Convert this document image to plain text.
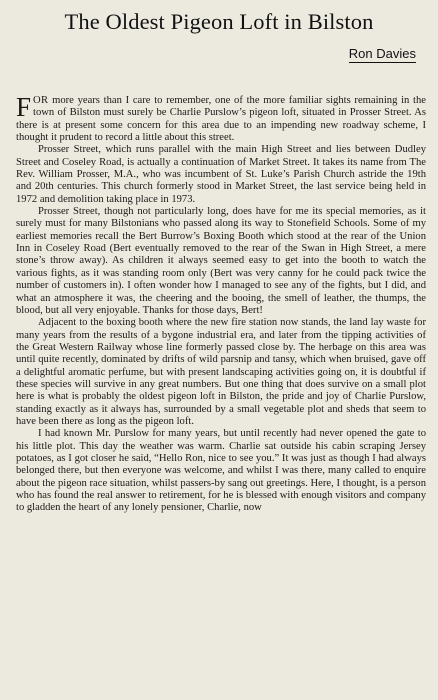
The Oldest Pigeon Loft in Bilston
Ron Davies

FOR more years than I care to remember, one of the more familiar sights remaining in the town of Bilston must surely be Charlie Purslow’s pigeon loft, situated in Prosser Street. As there is at present some concern for this area due to an impending new roadway scheme, I thought it prudent to record a little about this street.

Prosser Street, which runs parallel with the main High Street and lies between Dudley Street and Coseley Road, is actually a continuation of Market Street. It takes its name from The Rev. William Prosser, M.A., who was incumbent of St. Luke’s Parish Church astride the 19th and 20th centuries. This church formerly stood in Market Street, the last service being held in 1972 and demolition taking place in 1973.

Prosser Street, though not particularly long, does have for me its special memories, as it surely must for many Bilstonians who passed along its way to Stonefield Schools. Some of my earliest memories recall the Bert Burrow’s Boxing Booth which stood at the rear of the Union Inn in Coseley Road (Bert eventually removed to the rear of the Swan in High Street, a mere stone’s throw away). As children it always seemed easy to get into the booth to watch the various fights, as it was standing room only (Bert was very canny for he could pack twice the number of customers in). I often wonder how I managed to see any of the fights, but I did, and what an atmosphere it was, the cheering and the booing, the smell of leather, the thumps, the blood, but all very enjoyable. Thanks for those days, Bert!

Adjacent to the boxing booth where the new fire station now stands, the land lay waste for many years from the results of a bygone industrial era, and later from the tipping activities of the Great Western Railway whose line formerly passed close by. The herbage on this area was until quite recently, dominated by drifts of wild parsnip and tansy, which when bruised, gave off a delightful aromatic perfume, but with present landscaping activities going on, it is doubtful if these species will survive in any great numbers. But one thing that does survive on a small plot here is what is probably the oldest pigeon loft in Bilston, the pride and joy of Charlie Purslow, standing exactly as it always has, surrounded by a small vegetable plot and sheds that seem to have been there as long as the pigeon loft.

I had known Mr. Purslow for many years, but until recently had never opened the gate to his little plot. This day the weather was warm. Charlie sat outside his cabin scraping Jersey potatoes, as I got closer he said, “Hello Ron, nice to see you.” It was just as though I had always belonged there, but then everyone was welcome, and whilst I was there, many called to enquire about the pigeon race situation, whilst passers-by sang out greetings. Here, I thought, is a person who has found the real answer to retirement, for he is blessed with enough visitors and company to gladden the heart of any lonely pensioner, Charlie, now
